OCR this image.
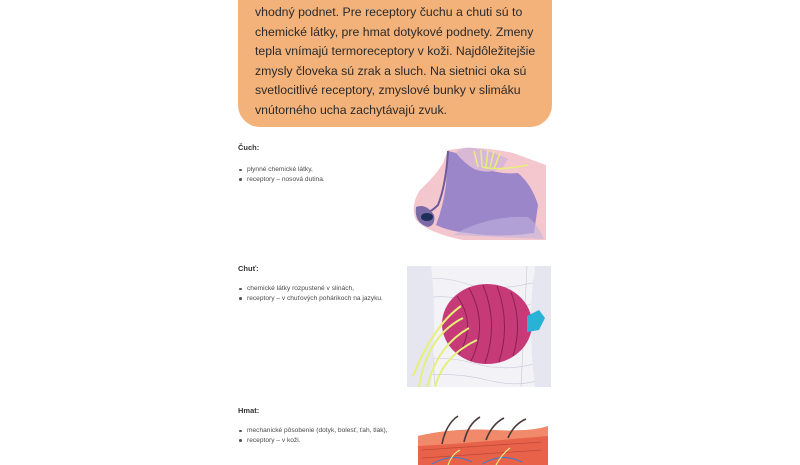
vhodný podnet. Pre receptory čuchu a chuti sú to chemické látky, pre hmat dotykové podnety. Zmeny tepla vnímajú termoreceptory v koži. Najdôležitejšie zmysly človeka sú zrak a sluch. Na sietnici oka sú svetlocitlivé receptory, zmyslové bunky v slimáku vnútorného ucha zachytávajú zvuk.

Čuch:

plynné chemické látky,
receptory – nosová dutina.

Chuť:

chemické látky rozpustené v slinách,
receptory – v chuťových pohárikoch na jazyku.

Hmat:

mechanické pôsobenie (dotyk, bolesť, ťah, tlak),
receptory – v koži.
